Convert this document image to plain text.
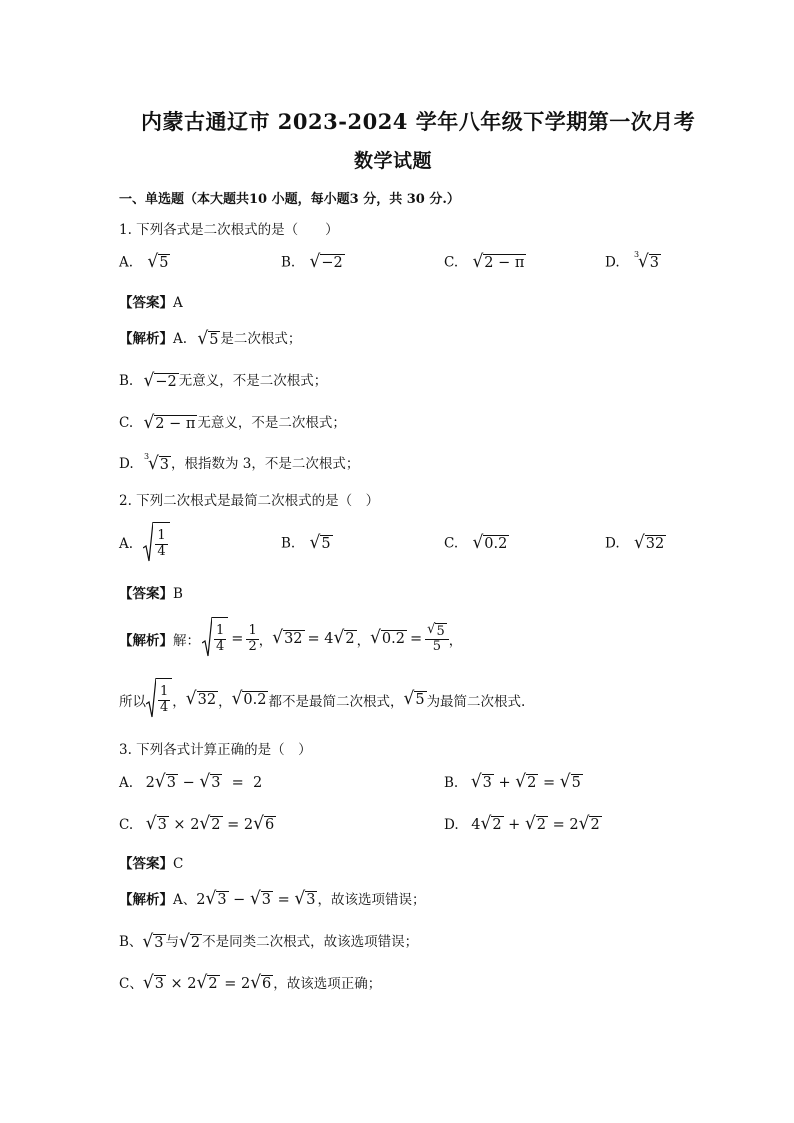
内蒙古通辽市 2023-2024 学年八年级下学期第一次月考
数学试题
一、单选题（本大题共10 小题，每小题3 分，共 30 分.）
1. 下列各式是二次根式的是（　　）
A. √ 5	B. √ −2	C. √ 2 − π	D. 3
√ 3
【答案】A
【解析】A. √ 5 是二次根式；
B. √ −2 无意义，不是二次根式；
C. √ 2 − π 无意义，不是二次根式；
D. 3
√ 3 ，根指数为 3，不是二次根式；
2. 下列二次根式是最简二次根式的是（　）
A. $\frac{1}{4}$	B. √ 5	C. √ 0.2	D. √ 32
【答案】B
【解析】 解： $\frac{1}{4} = \frac{1}{2}$ ， √ 32 = 4 √ 2 ， √ $0.2 = \frac{√ 5}{5}$ ，
所以 $\frac{1}{4}$ ， √ 32 ， √ 0.2 都不是最简二次根式， √ 5 为最简二次根式.
3. 下列各式计算正确的是（　）
A. 2 √ 3 − √ 3 =  2	B. √ 3 + √ 2 = √ 5
C. √ 3 × 2 √ 2 = 2 √ 6	D. 4 √ 2 + √ 2 = 2 √ 2
【答案】C
【解析】A、2 √ 3 − √ 3 = √ 3 ，故该选项错误；
B、 √ 3 与 √ 2 不是同类二次根式，故该选项错误；
C、 √ 3 × 2 √ 2 = 2 √ 6 ，故该选项正确；
